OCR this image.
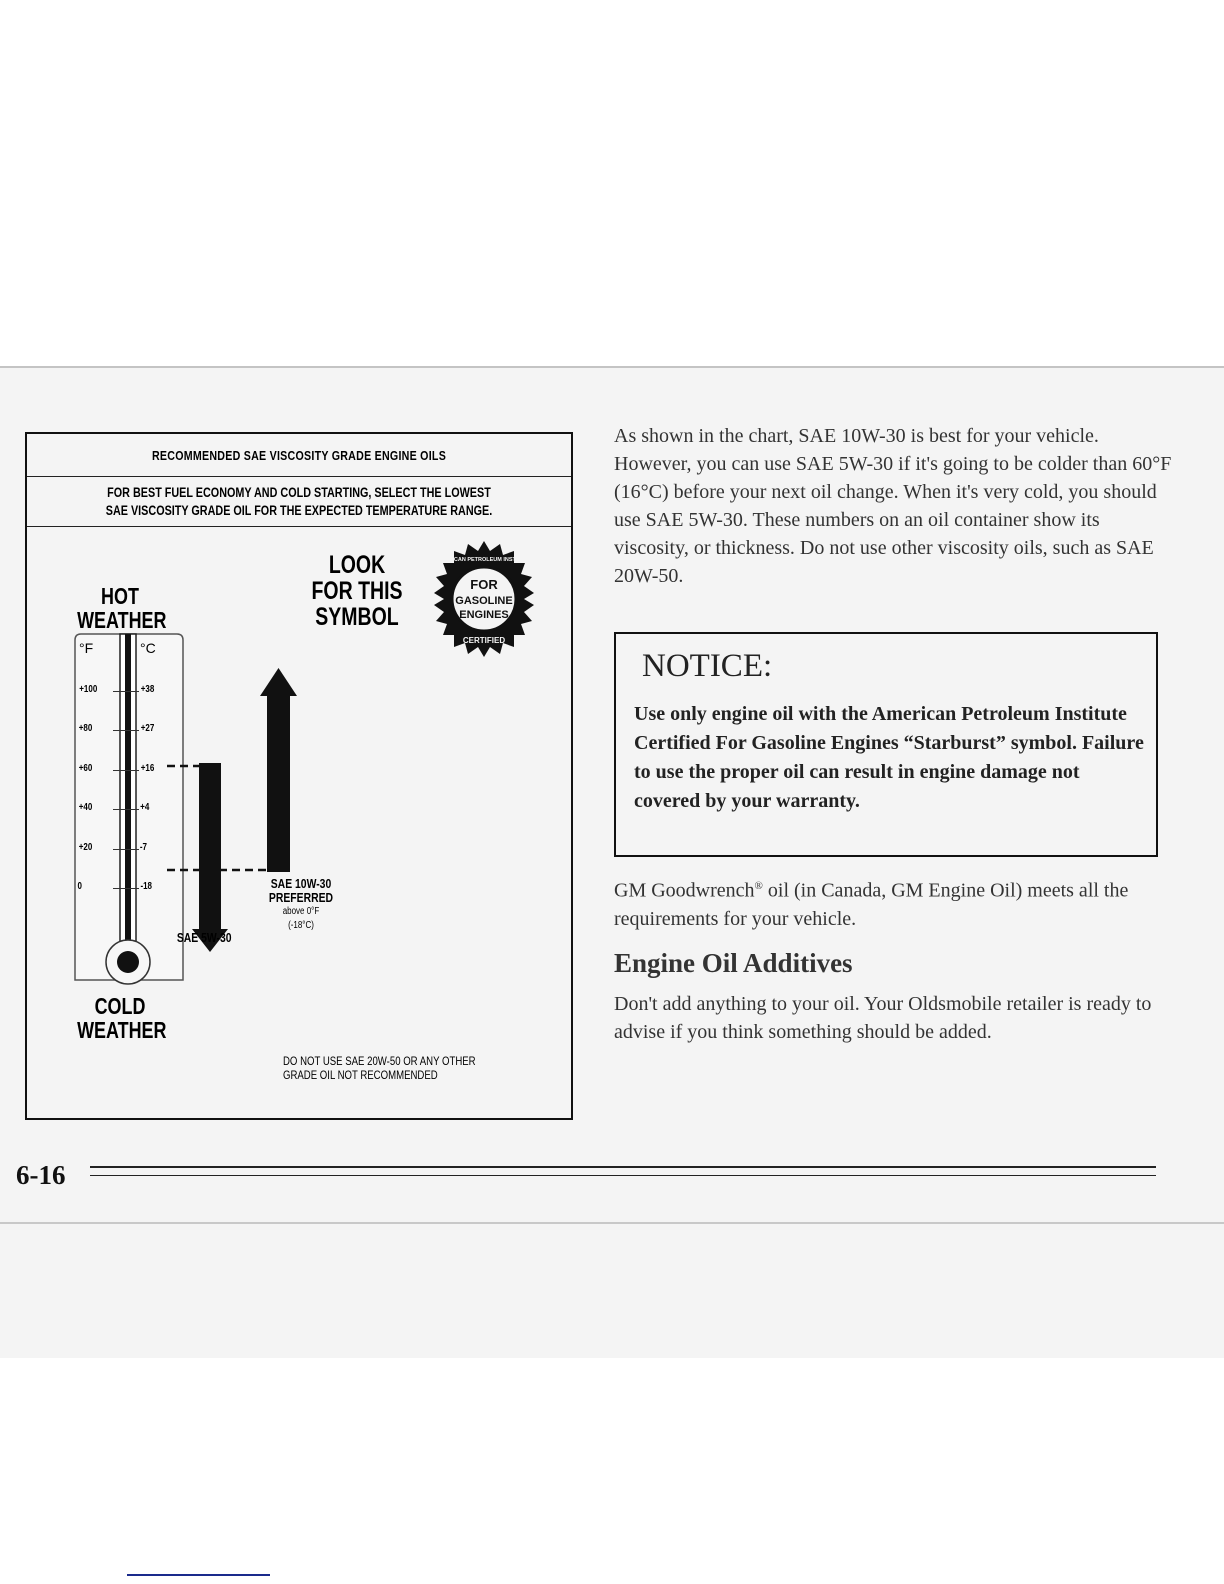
RECOMMENDED SAE VISCOSITY GRADE ENGINE OILS
FOR BEST FUEL ECONOMY AND COLD STARTING, SELECT THE LOWEST
SAE VISCOSITY GRADE OIL FOR THE EXPECTED TEMPERATURE RANGE.
HOT
WEATHER
COLD
WEATHER
LOOK
FOR THIS
SYMBOL
FOR
GASOLINE
ENGINES
AMERICAN PETROLEUM INSTITUTE
CERTIFIED
°F	°C
+100	+38
+80	+27
+60	+16
+40	+4
+20	-7
0	-18	SAE 10W-30
PREFERRED
above 0°F
(-18°C)
SAE 5W-30
DO NOT USE SAE 20W-50 OR ANY OTHER
GRADE OIL NOT RECOMMENDED
As shown in the chart, SAE 10W-30 is best for your vehicle. However, you can use SAE 5W-30 if it's going to be colder than 60°F (16°C) before your next oil change. When it's very cold, you should use SAE 5W-30. These numbers on an oil container show its viscosity, or thickness. Do not use other viscosity oils, such as SAE 20W-50.
NOTICE:
Use only engine oil with the American Petroleum Institute Certified For Gasoline Engines “Starburst” symbol. Failure to use the proper oil can result in engine damage not covered by your warranty.
GM Goodwrench® oil (in Canada, GM Engine Oil) meets all the requirements for your vehicle.
Engine Oil Additives
Don't add anything to your oil. Your Oldsmobile retailer is ready to advise if you think something should be added.
6-16
